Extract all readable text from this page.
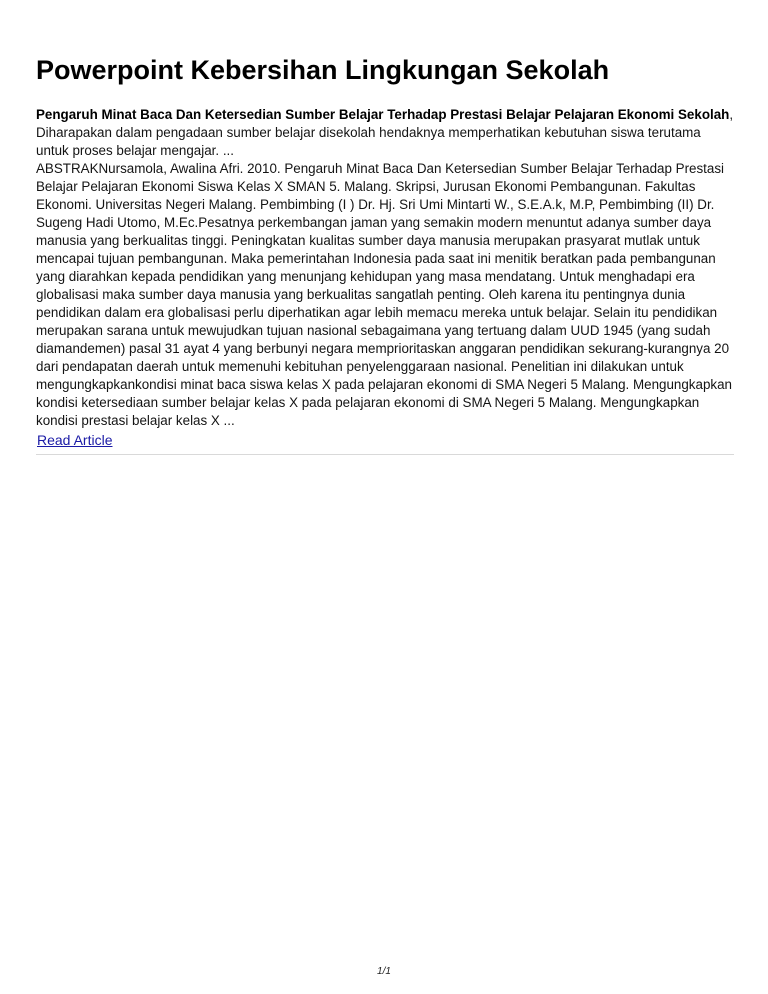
Powerpoint Kebersihan Lingkungan Sekolah

Pengaruh Minat Baca Dan Ketersedian Sumber Belajar Terhadap Prestasi Belajar Pelajaran Ekonomi Sekolah, Diharapakan dalam pengadaan sumber belajar disekolah hendaknya memperhatikan kebutuhan siswa terutama untuk proses belajar mengajar. ...

ABSTRAKNursamola, Awalina Afri. 2010. Pengaruh Minat Baca Dan Ketersedian Sumber Belajar Terhadap Prestasi Belajar Pelajaran Ekonomi Siswa Kelas X SMAN 5. Malang. Skripsi, Jurusan Ekonomi Pembangunan. Fakultas Ekonomi. Universitas Negeri Malang. Pembimbing (I ) Dr. Hj. Sri Umi Mintarti W., S.E.A.k, M.P, Pembimbing (II) Dr. Sugeng Hadi Utomo, M.Ec.Pesatnya perkembangan jaman yang semakin modern menuntut adanya sumber daya manusia yang berkualitas tinggi. Peningkatan kualitas sumber daya manusia merupakan prasyarat mutlak untuk mencapai tujuan pembangunan. Maka pemerintahan Indonesia pada saat ini menitik beratkan pada pembangunan yang diarahkan kepada pendidikan yang menunjang kehidupan yang masa mendatang. Untuk menghadapi era globalisasi maka sumber daya manusia yang berkualitas sangatlah penting. Oleh karena itu pentingnya dunia pendidikan dalam era globalisasi perlu diperhatikan agar lebih memacu mereka untuk belajar. Selain itu pendidikan merupakan sarana untuk mewujudkan tujuan nasional sebagaimana yang tertuang dalam UUD 1945 (yang sudah diamandemen) pasal 31 ayat 4 yang berbunyi negara memprioritaskan anggaran pendidikan sekurang-kurangnya 20 dari pendapatan daerah untuk memenuhi kebituhan penyelenggaraan nasional. Penelitian ini dilakukan untuk mengungkapkankondisi minat baca siswa kelas X pada pelajaran ekonomi di SMA Negeri 5 Malang. Mengungkapkan kondisi ketersediaan sumber belajar kelas X pada pelajaran ekonomi di SMA Negeri 5 Malang. Mengungkapkan kondisi prestasi belajar kelas X ...

Read Article
1/1
